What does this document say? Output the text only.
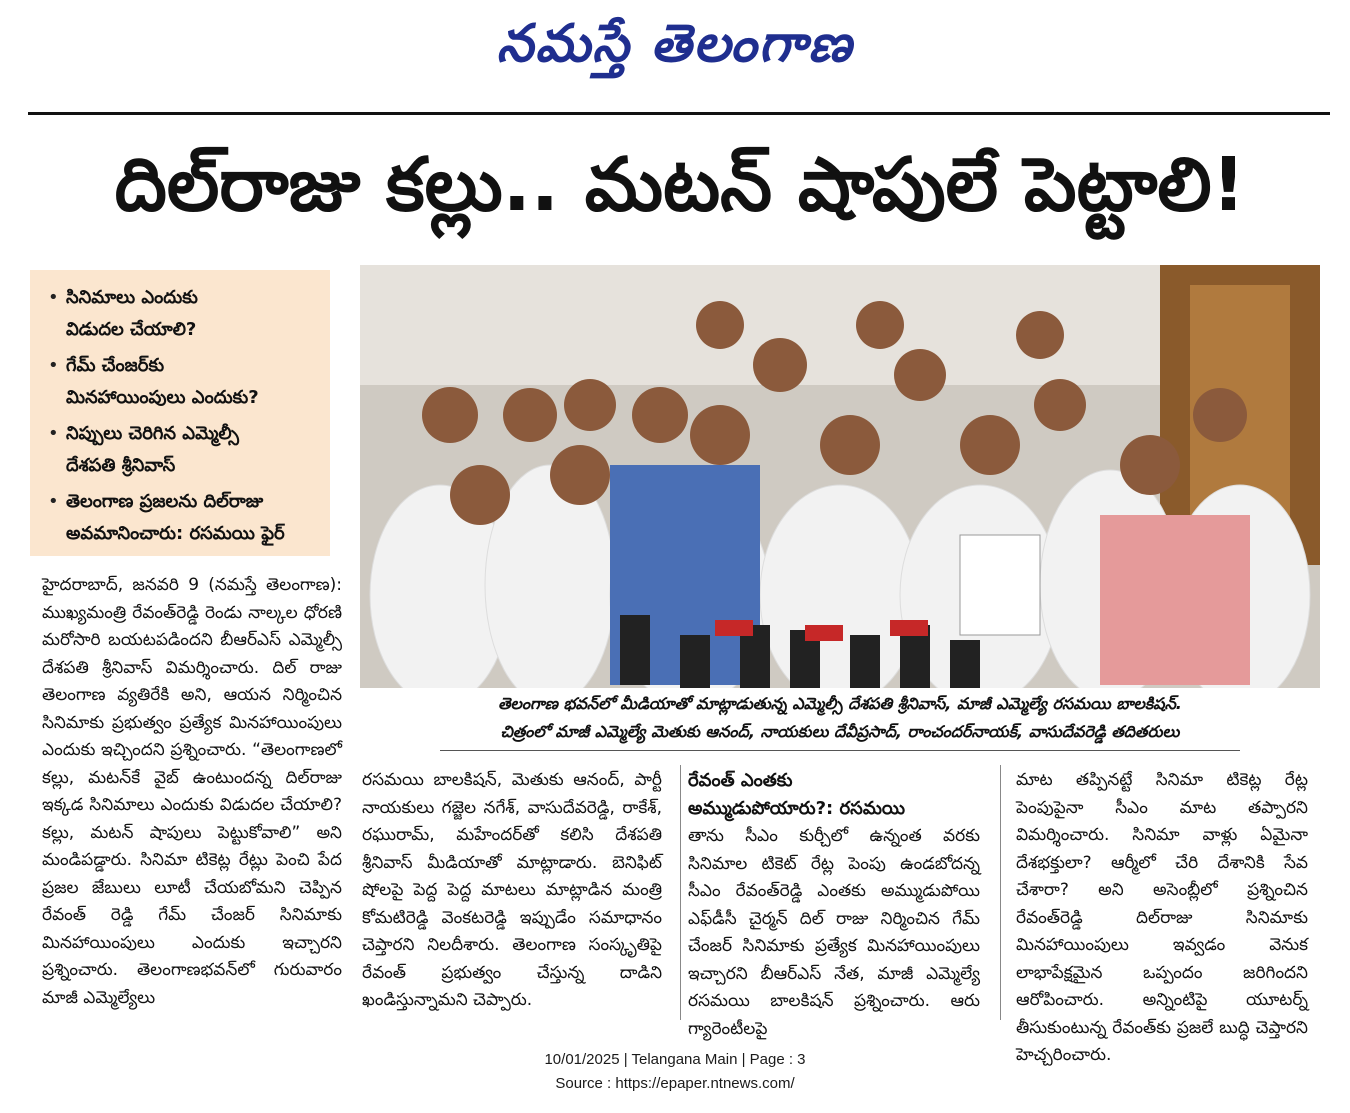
నమస్తే తెలంగాణ
దిల్‌రాజు కల్లు.. మటన్ షాపులే పెట్టాలి!
• సినిమాలు ఎందుకు
విడుదల చేయాలి?
• గేమ్ చేంజర్‌కు
మినహాయింపులు ఎందుకు?
• నిప్పులు చెరిగిన ఎమ్మెల్సీ
దేశపతి శ్రీనివాస్
• తెలంగాణ ప్రజలను దిల్‌రాజు
అవమానించారు: రసమయి ఫైర్
తెలంగాణ భవన్‌లో మీడియాతో మాట్లాడుతున్న ఎమ్మెల్సీ దేశపతి శ్రీనివాస్, మాజీ ఎమ్మెల్యే రసమయి బాలకిషన్.
చిత్రంలో మాజీ ఎమ్మెల్యే మెతుకు ఆనంద్, నాయకులు దేవీప్రసాద్, రాంచందర్‌నాయక్, వాసుదేవరెడ్డి తదితరులు
హైదరాబాద్, జనవరి 9 (నమస్తే తెలంగాణ): ముఖ్యమంత్రి రేవంత్‌రెడ్డి రెండు నాల్కల ధోరణి మరోసారి బయటపడిందని బీఆర్‌ఎస్ ఎమ్మెల్సీ దేశపతి శ్రీనివాస్ విమర్శించారు. దిల్ రాజు తెలంగాణ వ్యతిరేకి అని, ఆయన నిర్మించిన సినిమాకు ప్రభుత్వం ప్రత్యేక మినహాయింపులు ఎందుకు ఇచ్చిందని ప్రశ్నించారు. “తెలంగాణలో కల్లు, మటన్‌కే వైబ్ ఉంటుందన్న దిల్‌రాజు ఇక్కడ సినిమాలు ఎందుకు విడుదల చేయాలి? కల్లు, మటన్ షాపులు పెట్టుకోవాలి” అని మండిపడ్డారు. సినిమా టికెట్ల రేట్లు పెంచి పేద ప్రజల జేబులు లూటీ చేయబోమని చెప్పిన రేవంత్ రెడ్డి గేమ్ చేంజర్ సినిమాకు మినహాయింపులు ఎందుకు ఇచ్చారని ప్రశ్నించారు. తెలంగాణభవన్‌లో గురువారం మాజీ ఎమ్మెల్యేలు
రసమయి బాలకిషన్, మెతుకు ఆనంద్, పార్టీ నాయకులు గజ్జెల నగేశ్, వాసుదేవరెడ్డి, రాకేశ్, రఘురామ్, మహేందర్‌తో కలిసి దేశపతి శ్రీనివాస్ మీడియాతో మాట్లాడారు. బెనిఫిట్ షోలపై పెద్ద పెద్ద మాటలు మాట్లాడిన మంత్రి కోమటిరెడ్డి వెంకటరెడ్డి ఇప్పుడేం సమాధానం చెప్తారని నిలదీశారు. తెలంగాణ సంస్కృతిపై రేవంత్ ప్రభుత్వం చేస్తున్న దాడిని ఖండిస్తున్నామని చెప్పారు.
రేవంత్ ఎంతకు
అమ్ముడుపోయారు?: రసమయి
తాను సీఎం కుర్చీలో ఉన్నంత వరకు సినిమాల టికెట్ రేట్ల పెంపు ఉండబోదన్న సీఎం రేవంత్‌రెడ్డి ఎంతకు అమ్ముడుపోయి ఎఫ్‌డీసీ చైర్మన్ దిల్ రాజు నిర్మించిన గేమ్ చేంజర్ సినిమాకు ప్రత్యేక మినహాయింపులు ఇచ్చారని బీఆర్‌ఎస్ నేత, మాజీ ఎమ్మెల్యే రసమయి బాలకిషన్ ప్రశ్నించారు. ఆరు గ్యారెంటీలపై
మాట తప్పినట్టే సినిమా టికెట్ల రేట్ల పెంపుపైనా సీఎం మాట తప్పారని విమర్శించారు. సినిమా వాళ్లు ఏమైనా దేశభక్తులా? ఆర్మీలో చేరి దేశానికి సేవ చేశారా? అని అసెంబ్లీలో ప్రశ్నించిన రేవంత్‌రెడ్డి దిల్‌రాజు సినిమాకు మినహాయింపులు ఇవ్వడం వెనుక లాభాపేక్షమైన ఒప్పందం జరిగిందని ఆరోపించారు. అన్నింటిపై యూటర్న్ తీసుకుంటున్న రేవంత్‌కు ప్రజలే బుద్ధి చెప్తారని హెచ్చరించారు.
10/01/2025 | Telangana Main | Page : 3
Source : https://epaper.ntnews.com/
